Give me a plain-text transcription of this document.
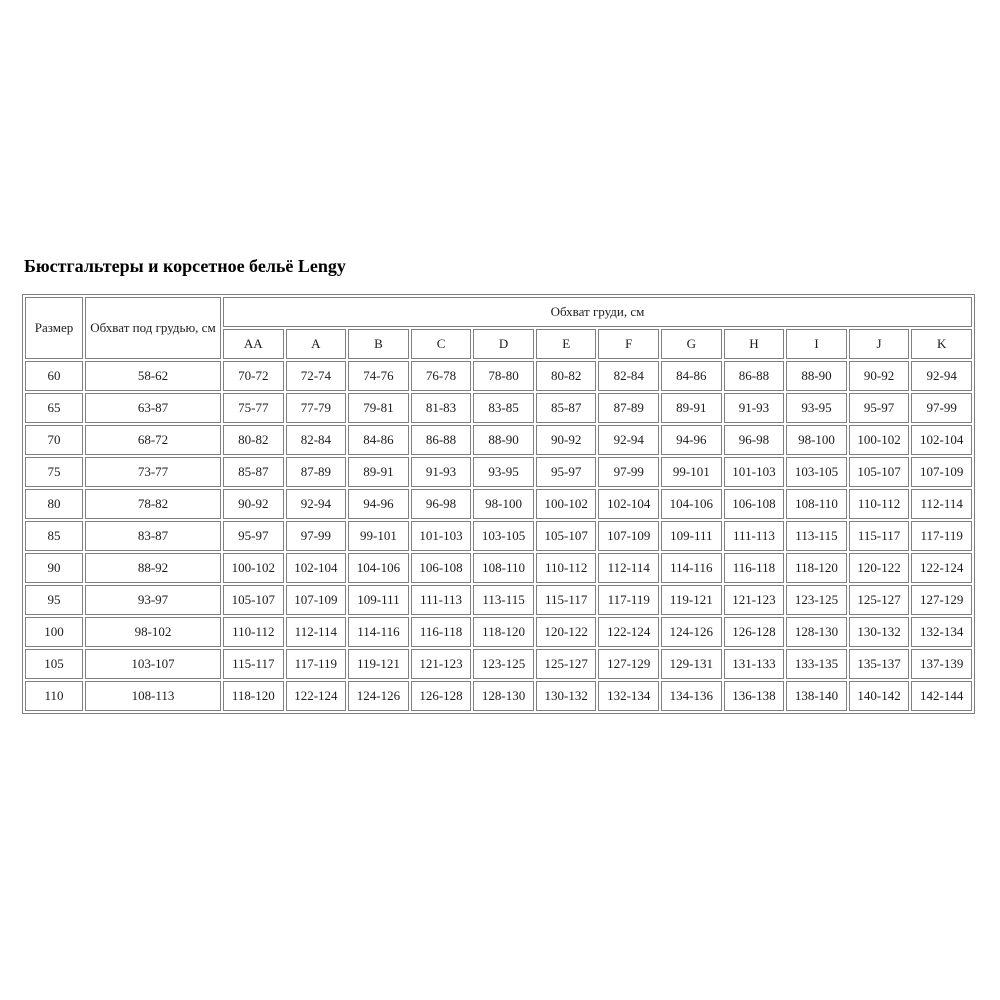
Бюстгальтеры и корсетное бельё Lengy
Размер	Обхват под грудью, см	Обхват груди, см											
		AA	A	B	C	D	E	F	G	H	I	J	K
60	58-62	70-72	72-74	74-76	76-78	78-80	80-82	82-84	84-86	86-88	88-90	90-92	92-94
65	63-87	75-77	77-79	79-81	81-83	83-85	85-87	87-89	89-91	91-93	93-95	95-97	97-99
70	68-72	80-82	82-84	84-86	86-88	88-90	90-92	92-94	94-96	96-98	98-100	100-102	102-104
75	73-77	85-87	87-89	89-91	91-93	93-95	95-97	97-99	99-101	101-103	103-105	105-107	107-109
80	78-82	90-92	92-94	94-96	96-98	98-100	100-102	102-104	104-106	106-108	108-110	110-112	112-114
85	83-87	95-97	97-99	99-101	101-103	103-105	105-107	107-109	109-111	111-113	113-115	115-117	117-119
90	88-92	100-102	102-104	104-106	106-108	108-110	110-112	112-114	114-116	116-118	118-120	120-122	122-124
95	93-97	105-107	107-109	109-111	111-113	113-115	115-117	117-119	119-121	121-123	123-125	125-127	127-129
100	98-102	110-112	112-114	114-116	116-118	118-120	120-122	122-124	124-126	126-128	128-130	130-132	132-134
105	103-107	115-117	117-119	119-121	121-123	123-125	125-127	127-129	129-131	131-133	133-135	135-137	137-139
110	108-113	118-120	122-124	124-126	126-128	128-130	130-132	132-134	134-136	136-138	138-140	140-142	142-144
